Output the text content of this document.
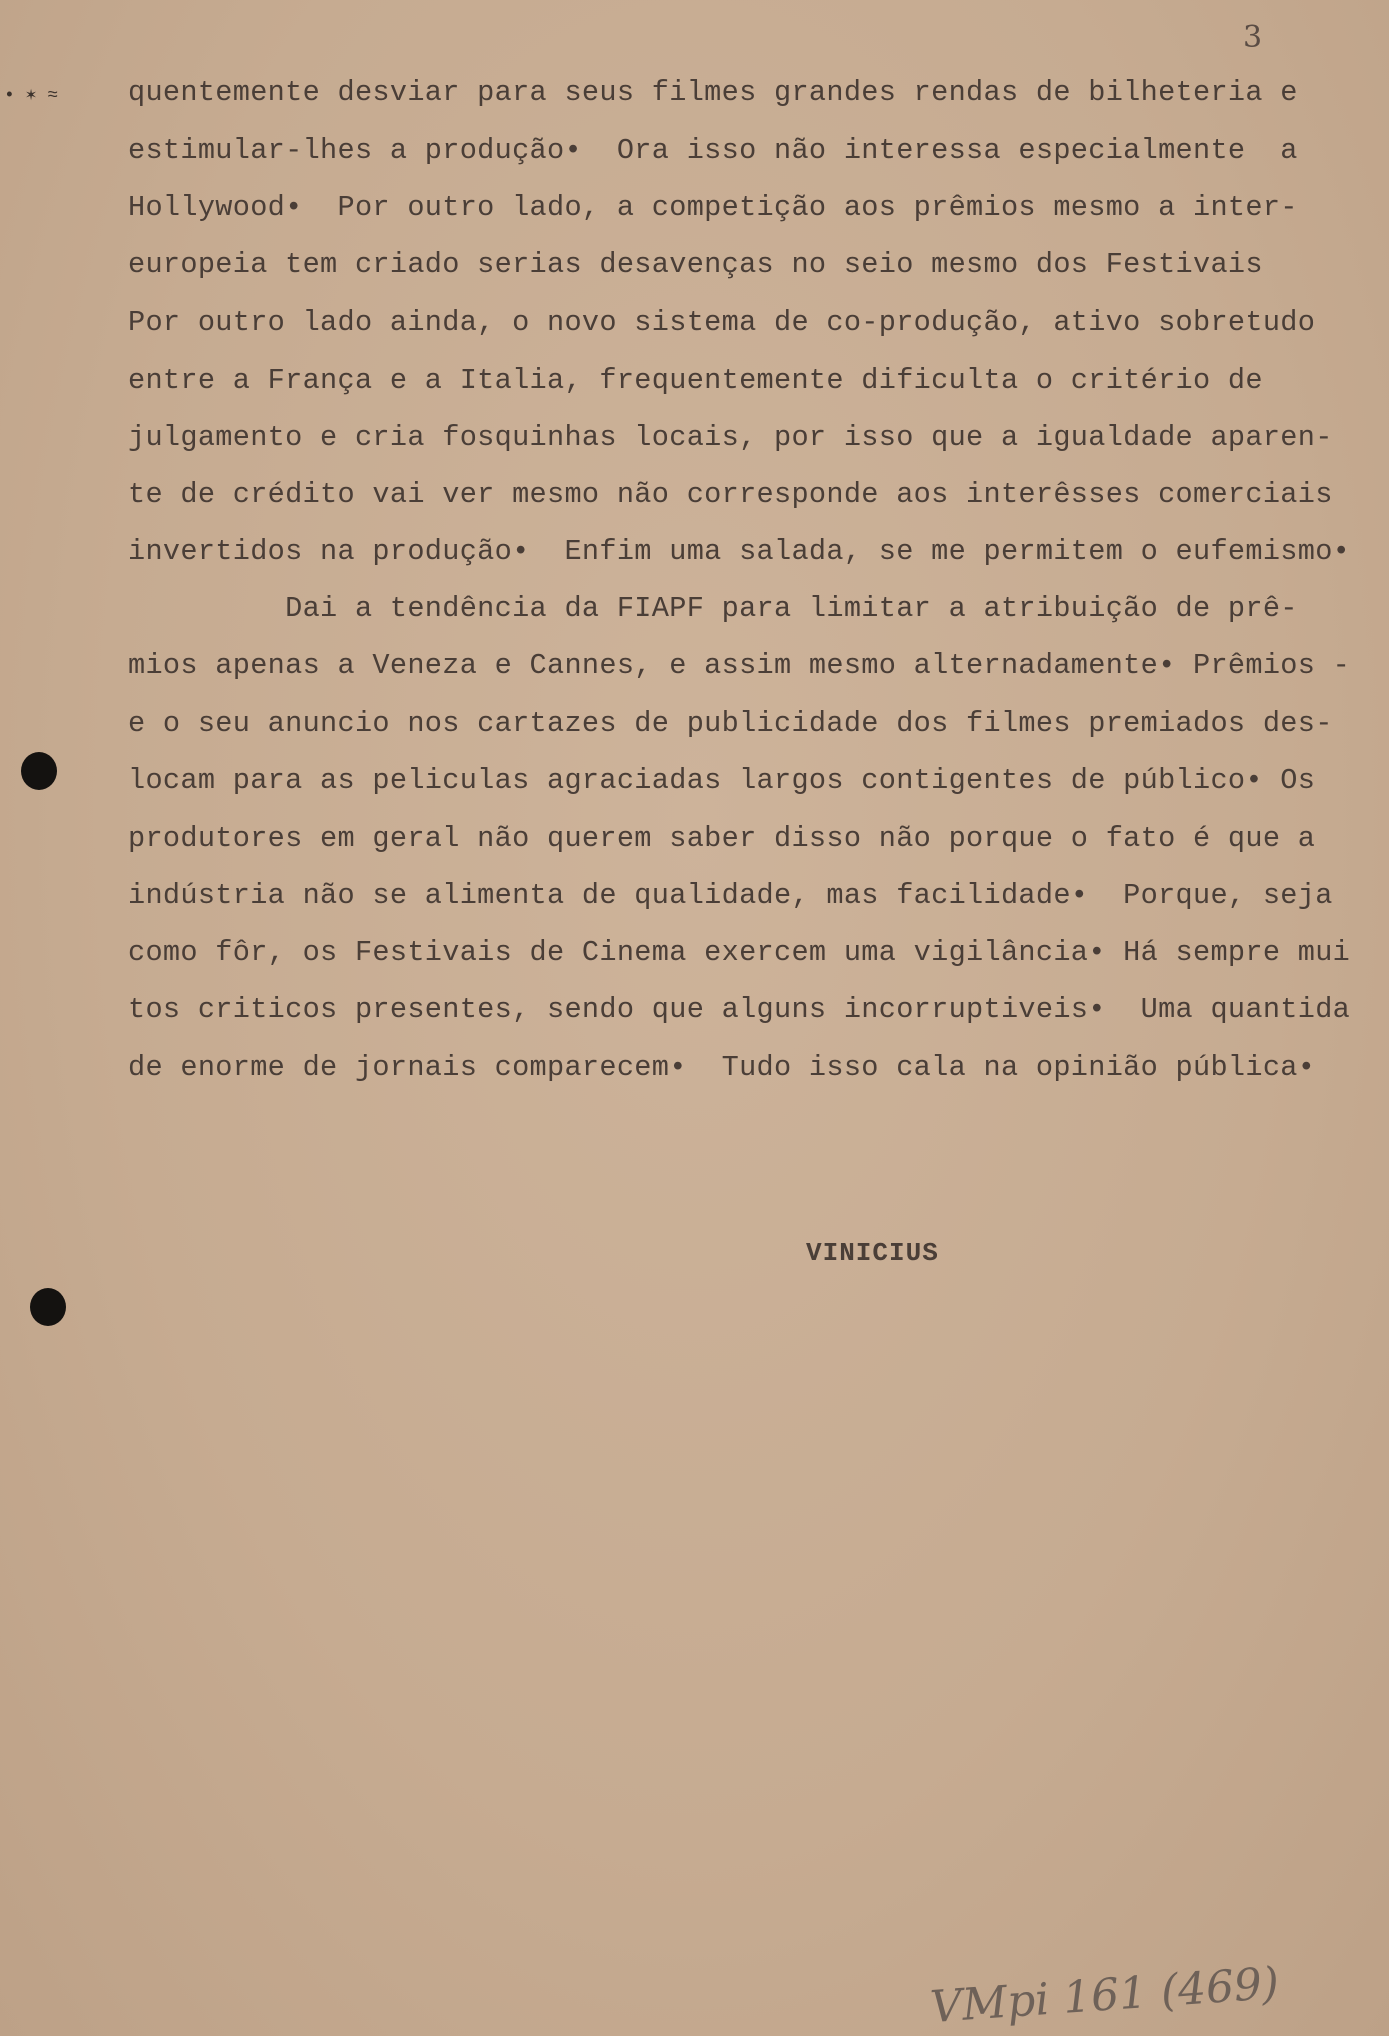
3
• ✶ ≈ quentemente desviar para seus filmes grandes rendas de bilheteria e
estimular-lhes a produção•  Ora isso não interessa especialmente  a
Hollywood•  Por outro lado, a competição aos prêmios mesmo a inter-
europeia tem criado serias desavenças no seio mesmo dos Festivais
Por outro lado ainda, o novo sistema de co-produção, ativo sobretudo
entre a França e a Italia, frequentemente dificulta o critério de
julgamento e cria fosquinhas locais, por isso que a igualdade aparen-
te de crédito vai ver mesmo não corresponde aos interêsses comerciais
invertidos na produção•  Enfim uma salada, se me permitem o eufemismo•
Dai a tendência da FIAPF para limitar a atribuição de prê-
mios apenas a Veneza e Cannes, e assim mesmo alternadamente• Prêmios -
e o seu anuncio nos cartazes de publicidade dos filmes premiados des-
locam para as peliculas agraciadas largos contigentes de público• Os
produtores em geral não querem saber disso não porque o fato é que a
indústria não se alimenta de qualidade, mas facilidade•  Porque, seja
como fôr, os Festivais de Cinema exercem uma vigilância• Há sempre mui
tos criticos presentes, sendo que alguns incorruptiveis•  Uma quantida
de enorme de jornais comparecem•  Tudo isso cala na opinião pública•
VINICIUS
VMpi 161 (469)
